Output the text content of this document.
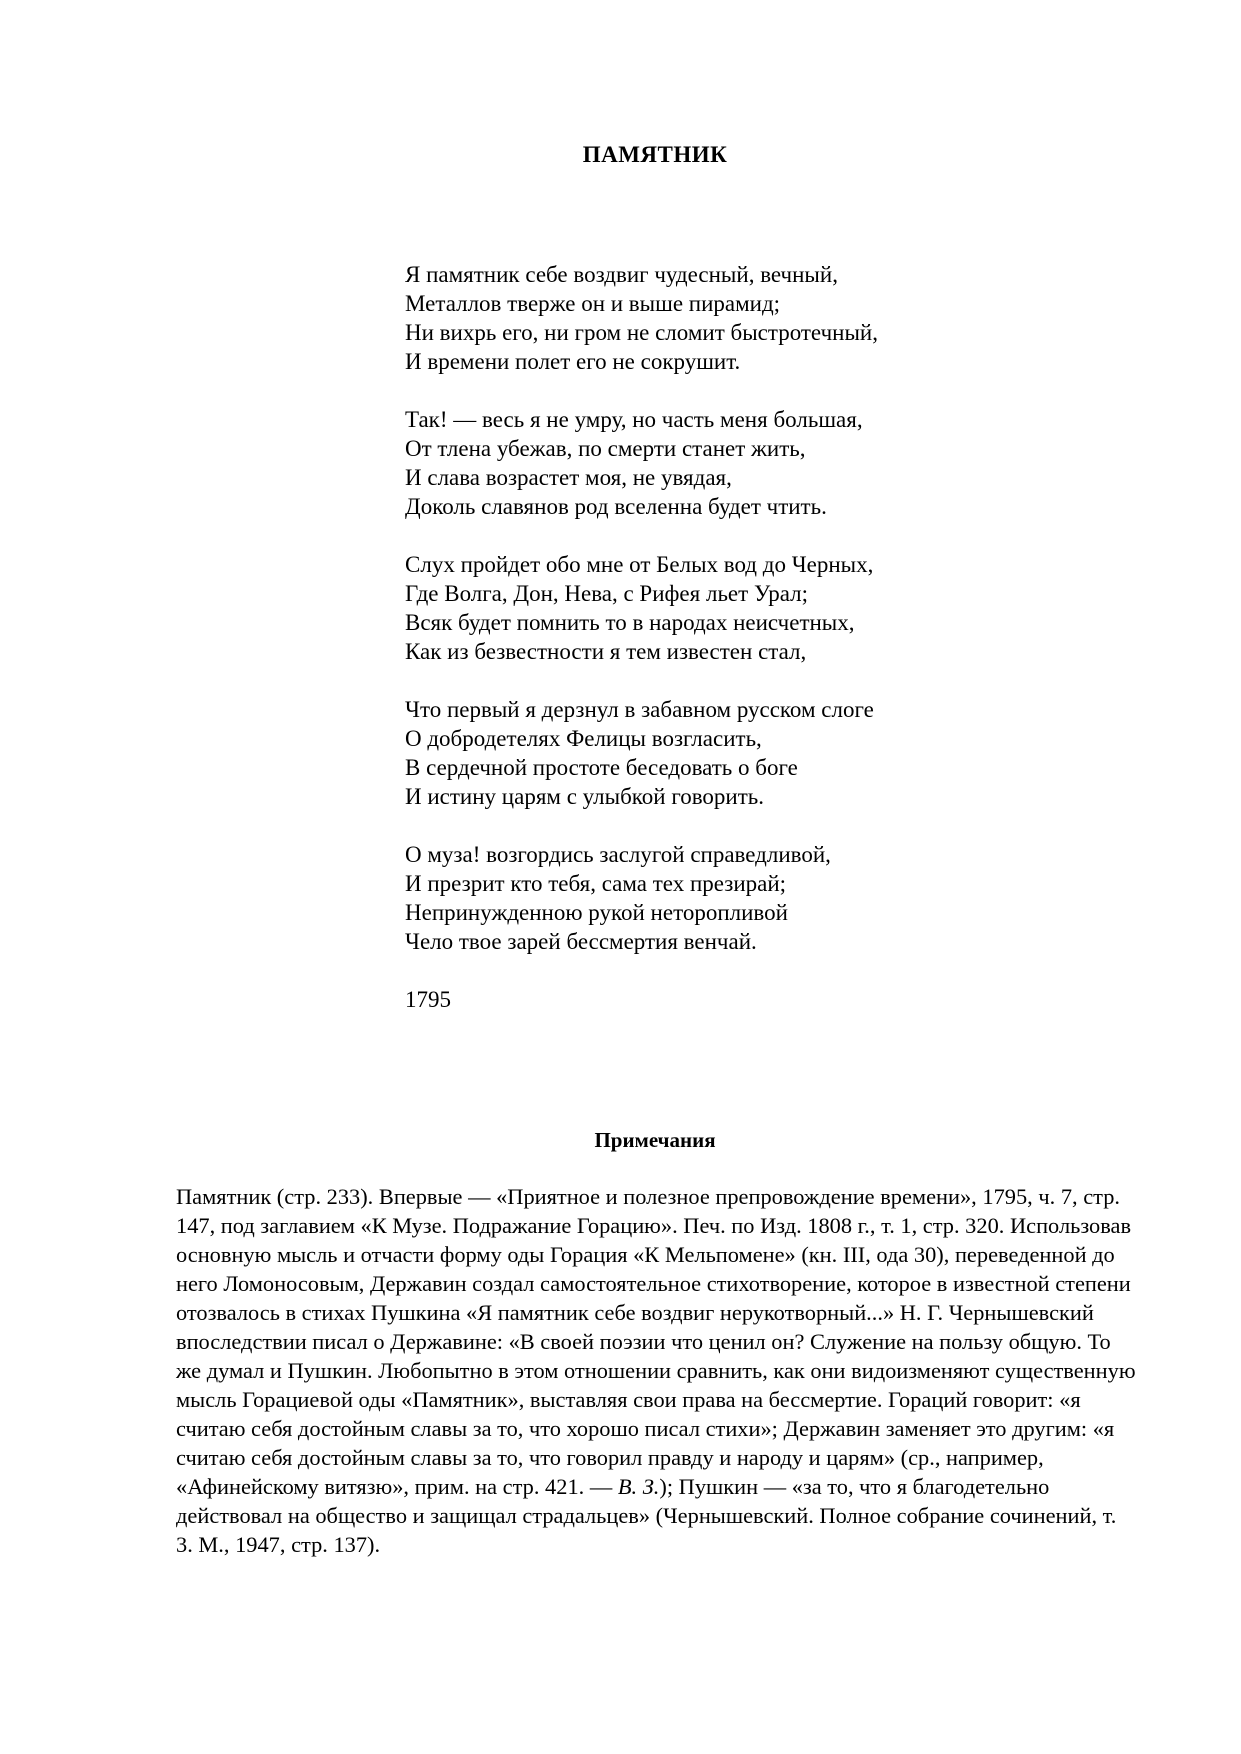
ПАМЯТНИК
Я памятник себе воздвиг чудесный, вечный,
Металлов тверже он и выше пирамид;
Ни вихрь его, ни гром не сломит быстротечный,
И времени полет его не сокрушит.
Так! — весь я не умру, но часть меня большая,
От тлена убежав, по смерти станет жить,
И слава возрастет моя, не увядая,
Доколь славянов род вселенна будет чтить.
Слух пройдет обо мне от Белых вод до Черных,
Где Волга, Дон, Нева, с Рифея льет Урал;
Всяк будет помнить то в народах неисчетных,
Как из безвестности я тем известен стал,
Что первый я дерзнул в забавном русском слоге
О добродетелях Фелицы возгласить,
В сердечной простоте беседовать о боге
И истину царям с улыбкой говорить.
О муза! возгордись заслугой справедливой,
И презрит кто тебя, сама тех презирай;
Непринужденною рукой неторопливой
Чело твое зарей бессмертия венчай.
1795
Примечания

Памятник (стр. 233). Впервые — «Приятное и полезное препровождение времени», 1795, ч. 7, стр. 147, под заглавием «К Музе. Подражание Горацию». Печ. по Изд. 1808 г., т. 1, стр. 320. Использовав основную мысль и отчасти форму оды Горация «К Мельпомене» (кн. III, ода 30), переведенной до него Ломоносовым, Державин создал самостоятельное стихотворение, которое в известной степени отозвалось в стихах Пушкина «Я памятник себе воздвиг нерукотворный...» Н. Г. Чернышевский впоследствии писал о Державине: «В своей поэзии что ценил он? Служение на пользу общую. То же думал и Пушкин. Любопытно в этом отношении сравнить, как они видоизменяют существенную мысль Горациевой оды «Памятник», выставляя свои права на бессмертие. Гораций говорит: «я считаю себя достойным славы за то, что хорошо писал стихи»; Державин заменяет это другим: «я считаю себя достойным славы за то, что говорил правду и народу и царям» (ср., например, «Афинейскому витязю», прим. на стр. 421. — В. З.); Пушкин — «за то, что я благодетельно действовал на общество и защищал страдальцев» (Чернышевский. Полное собрание сочинений, т. 3. М., 1947, стр. 137).
